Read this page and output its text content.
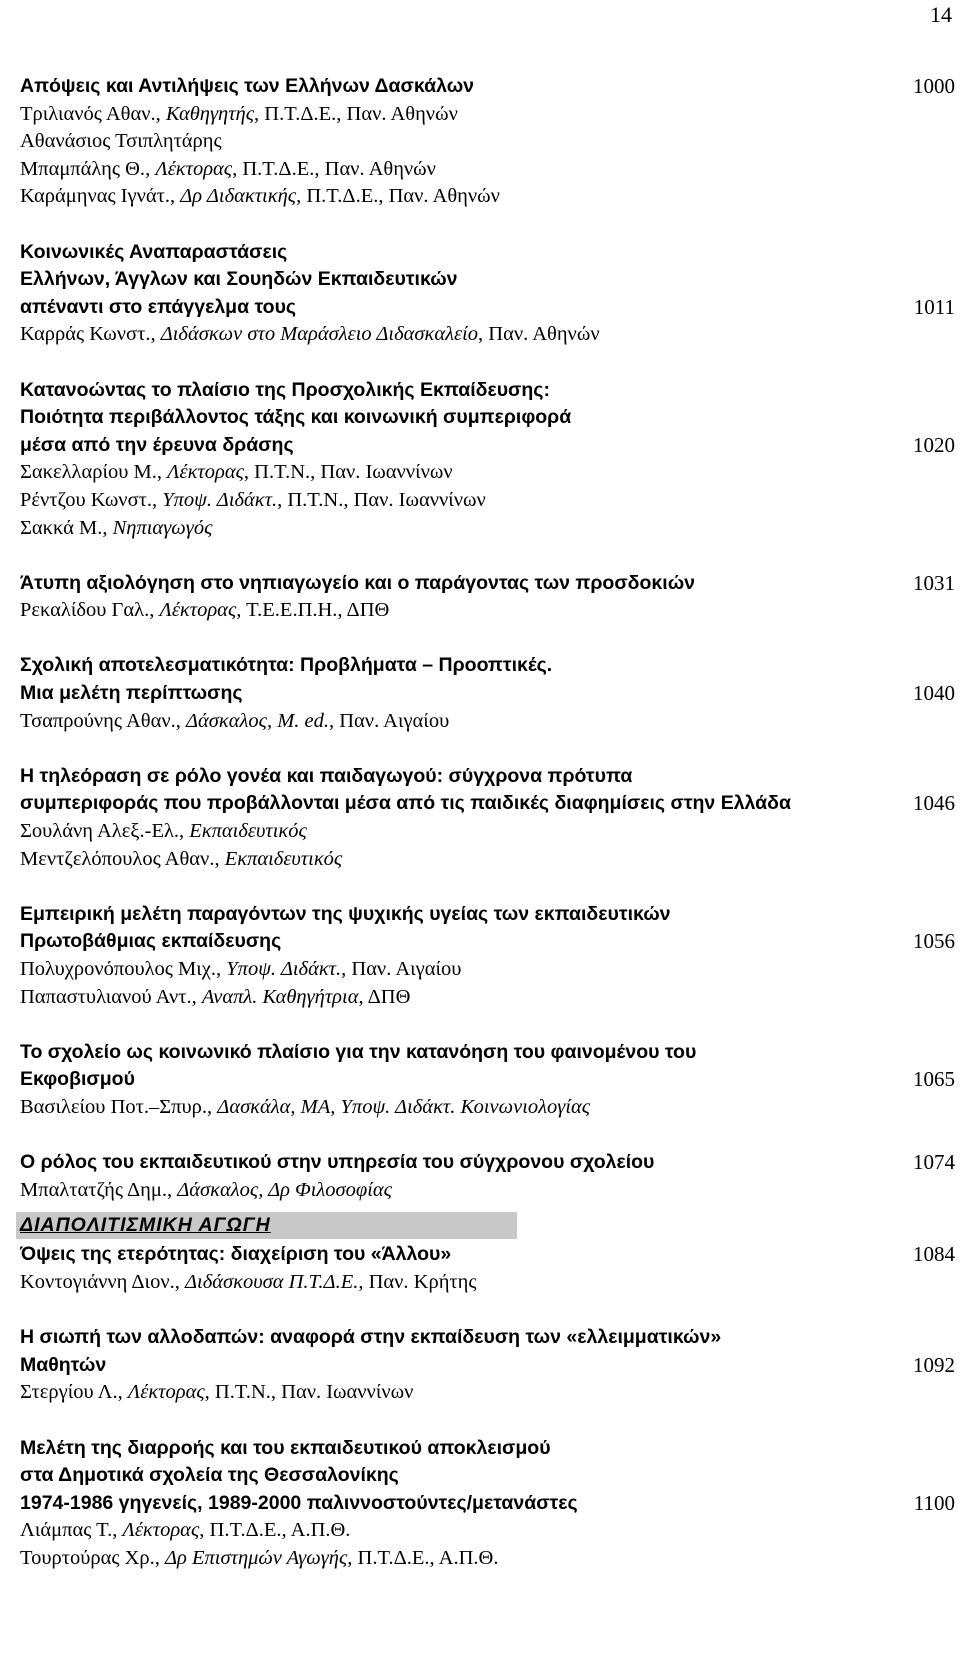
14
Απόψεις και Αντιλήψεις των Ελλήνων Δασκάλων	1000
Τριλιανός Αθαν., Καθηγητής, Π.Τ.Δ.Ε., Παν. Αθηνών
Αθανάσιος Τσιπλητάρης
Μπαμπάλης Θ., Λέκτορας, Π.Τ.Δ.Ε., Παν. Αθηνών
Καράμηνας Ιγνάτ., Δρ Διδακτικής, Π.Τ.Δ.Ε., Παν. Αθηνών
Κοινωνικές Αναπαραστάσεις
Ελλήνων, Άγγλων και Σουηδών Εκπαιδευτικών
απέναντι στο επάγγελμα τους	1011
Καρράς Κωνστ., Διδάσκων στο Μαράσλειο Διδασκαλείο, Παν. Αθηνών
Κατανοώντας το πλαίσιο της Προσχολικής Εκπαίδευσης:
Ποιότητα περιβάλλοντος τάξης και κοινωνική συμπεριφορά
μέσα από την έρευνα δράσης	1020
Σακελλαρίου Μ., Λέκτορας, Π.Τ.Ν., Παν. Ιωαννίνων
Ρέντζου Κωνστ., Υποψ. Διδάκτ., Π.Τ.Ν., Παν. Ιωαννίνων
Σακκά Μ., Νηπιαγωγός
Άτυπη αξιολόγηση στο νηπιαγωγείο και ο παράγοντας των προσδοκιών	1031
Ρεκαλίδου Γαλ., Λέκτορας, Τ.Ε.Ε.Π.Η., ΔΠΘ
Σχολική αποτελεσματικότητα: Προβλήματα – Προοπτικές.
Μια μελέτη περίπτωσης	1040
Τσαπρούνης Αθαν., Δάσκαλος, M. ed., Παν. Αιγαίου
Η τηλεόραση σε ρόλο γονέα και παιδαγωγού: σύγχρονα πρότυπα
συμπεριφοράς που προβάλλονται μέσα από τις παιδικές διαφημίσεις στην Ελλάδα	1046
Σουλάνη Αλεξ.-Ελ., Εκπαιδευτικός
Μεντζελόπουλος Αθαν., Εκπαιδευτικός
Εμπειρική μελέτη παραγόντων της ψυχικής υγείας των εκπαιδευτικών
Πρωτοβάθμιας εκπαίδευσης	1056
Πολυχρονόπουλος Μιχ., Υποψ. Διδάκτ., Παν. Αιγαίου
Παπαστυλιανού Αντ., Αναπλ. Καθηγήτρια, ΔΠΘ
Το σχολείο ως κοινωνικό πλαίσιο για την κατανόηση του φαινομένου του
Εκφοβισμού	1065
Βασιλείου Ποτ.–Σπυρ., Δασκάλα, ΜΑ, Υποψ. Διδάκτ. Κοινωνιολογίας
Ο ρόλος του εκπαιδευτικού στην υπηρεσία του σύγχρονου σχολείου	1074
Μπαλτατζής Δημ., Δάσκαλος, Δρ Φιλοσοφίας
ΔΙΑΠΟΛΙΤΙΣΜΙΚΗ ΑΓΩΓΗ
Όψεις της ετερότητας: διαχείριση του «Άλλου»	1084
Κοντογιάννη Διον., Διδάσκουσα Π.Τ.Δ.Ε., Παν. Κρήτης
Η σιωπή των αλλοδαπών: αναφορά στην εκπαίδευση των «ελλειμματικών»
Μαθητών	1092
Στεργίου Λ., Λέκτορας, Π.Τ.Ν., Παν. Ιωαννίνων
Μελέτη της διαρροής και του εκπαιδευτικού αποκλεισμού
στα Δημοτικά σχολεία της Θεσσαλονίκης
1974-1986 γηγενείς, 1989-2000 παλιννοστούντες/μετανάστες	1100
Λιάμπας Τ., Λέκτορας, Π.Τ.Δ.Ε., Α.Π.Θ.
Τουρτούρας Χρ., Δρ Επιστημών Αγωγής, Π.Τ.Δ.Ε., Α.Π.Θ.
